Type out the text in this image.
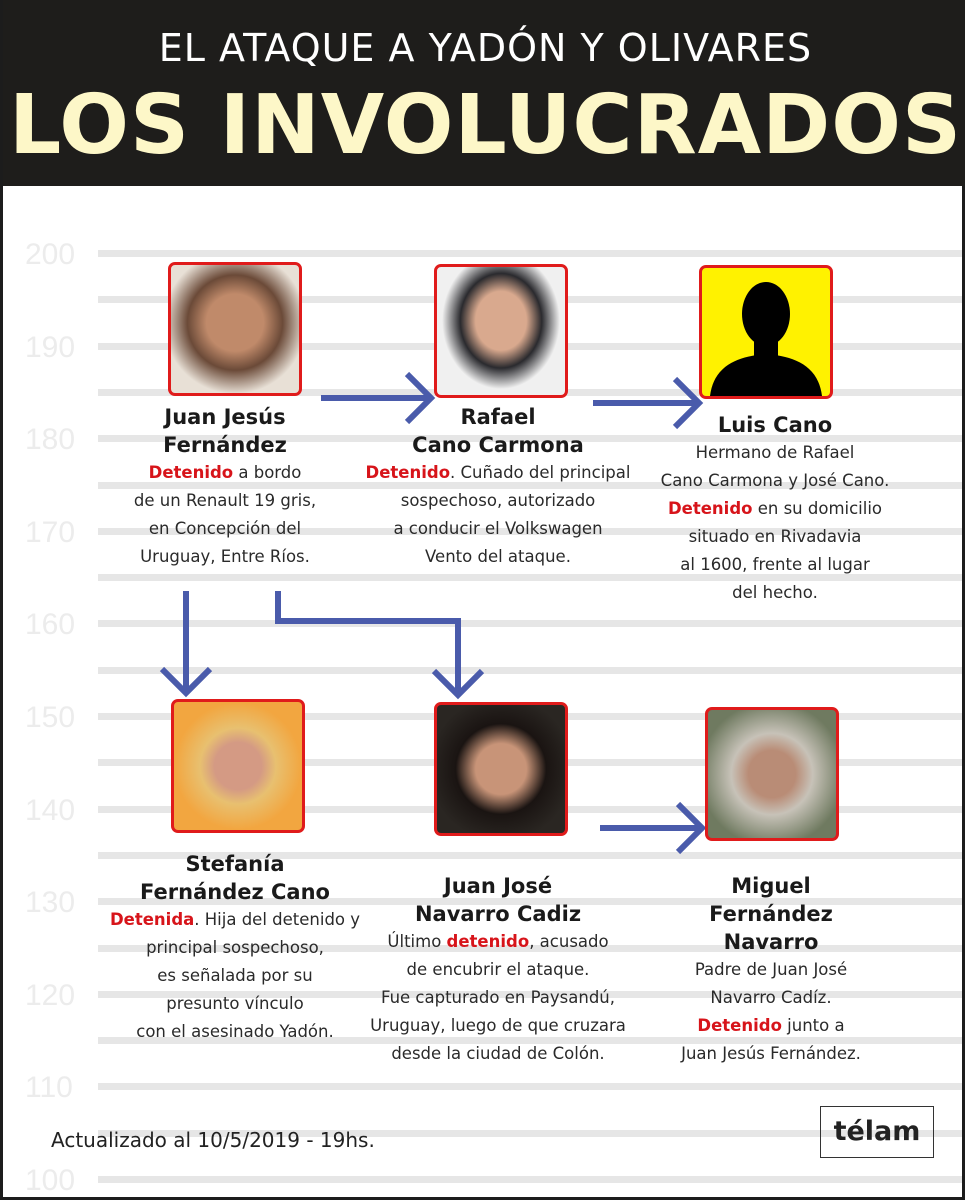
EL ATAQUE A YADÓN Y OLIVARES
LOS INVOLUCRADOS
200
190
180
170
160
150
140
130
120
110
100
Juan Jesús
Fernández
Detenido a bordo
de un Renault 19 gris,
en Concepción del
Uruguay, Entre Ríos.
Rafael
Cano Carmona
Detenido. Cuñado del principal
sospechoso, autorizado
a conducir el Volkswagen
Vento del ataque.
Luis Cano
Hermano de Rafael
Cano Carmona y José Cano.
Detenido en su domicilio
situado en Rivadavia
al 1600, frente al lugar
del hecho.
Stefanía
Fernández Cano
Detenida. Hija del detenido y
principal sospechoso,
es señalada por su
presunto vínculo
con el asesinado Yadón.
Juan José
Navarro Cadiz
Último detenido, acusado
de encubrir el ataque.
Fue capturado en Paysandú,
Uruguay, luego de que cruzara
desde la ciudad de Colón.
Miguel
Fernández
Navarro
Padre de Juan José
Navarro Cadíz.
Detenido junto a
Juan Jesús Fernández.
Actualizado al 10/5/2019 - 19hs.	télam
